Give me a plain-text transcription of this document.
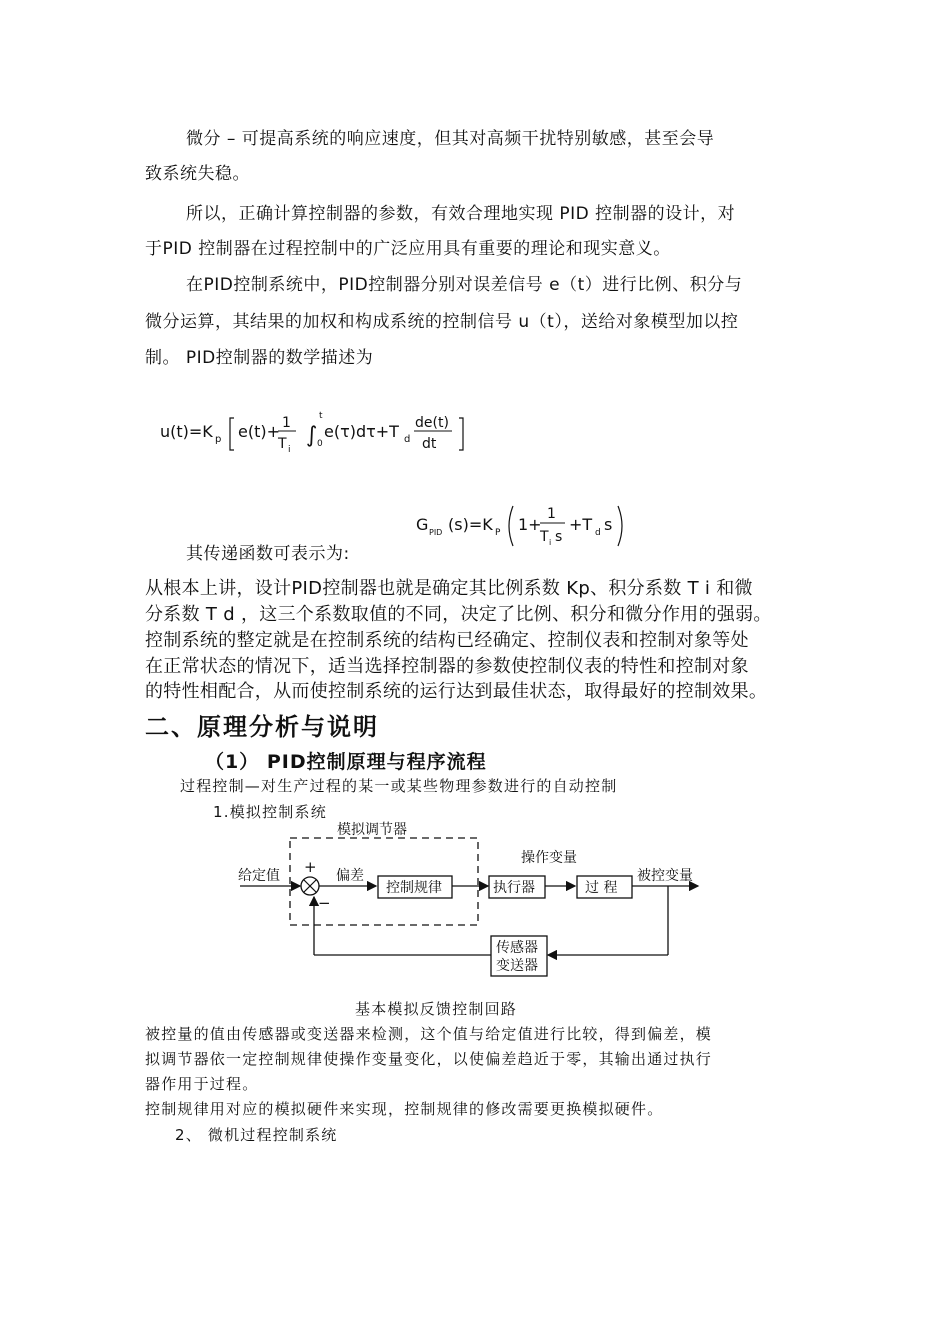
微分 – 可提高系统的响应速度，但其对高频干扰特别敏感，甚至会导
致系统失稳。
所以，正确计算控制器的参数，有效合理地实现 PID 控制器的设计，对
于PID 控制器在过程控制中的广泛应用具有重要的理论和现实意义。
在PID控制系统中，PID控制器分别对误差信号 e（t）进行比例、积分与
微分运算，其结果的加权和构成系统的控制信号 u（t），送给对象模型加以控
制。 PID控制器的数学描述为
u(t)=K p e(t)+ 1
T i
∫
t
0
e(τ)dτ+T d
de(t)
dt
其传递函数可表示为:
G PID (s)=K P 1+
1
T i s
+T d s
从根本上讲，设计PID控制器也就是确定其比例系数 Kp、积分系数 T i 和微
分系数 T d ，这三个系数取值的不同，决定了比例、积分和微分作用的强弱。
控制系统的整定就是在控制系统的结构已经确定、控制仪表和控制对象等处
在正常状态的情况下，适当选择控制器的参数使控制仪表的特性和控制对象
的特性相配合，从而使控制系统的运行达到最佳状态，取得最好的控制效果。
二、原理分析与说明
（1） PID控制原理与程序流程
过程控制—对生产过程的某一或某些物理参数进行的自动控制
1.模拟控制系统
模拟调节器
给定值 +
−
偏差
控制规律
操作变量
执行器	过 程
被控变量
传感器
变送器
基本模拟反馈控制回路
被控量的值由传感器或变送器来检测，这个值与给定值进行比较，得到偏差，模
拟调节器依一定控制规律使操作变量变化，以使偏差趋近于零，其输出通过执行
器作用于过程。
控制规律用对应的模拟硬件来实现，控制规律的修改需要更换模拟硬件。
2、 微机过程控制系统
